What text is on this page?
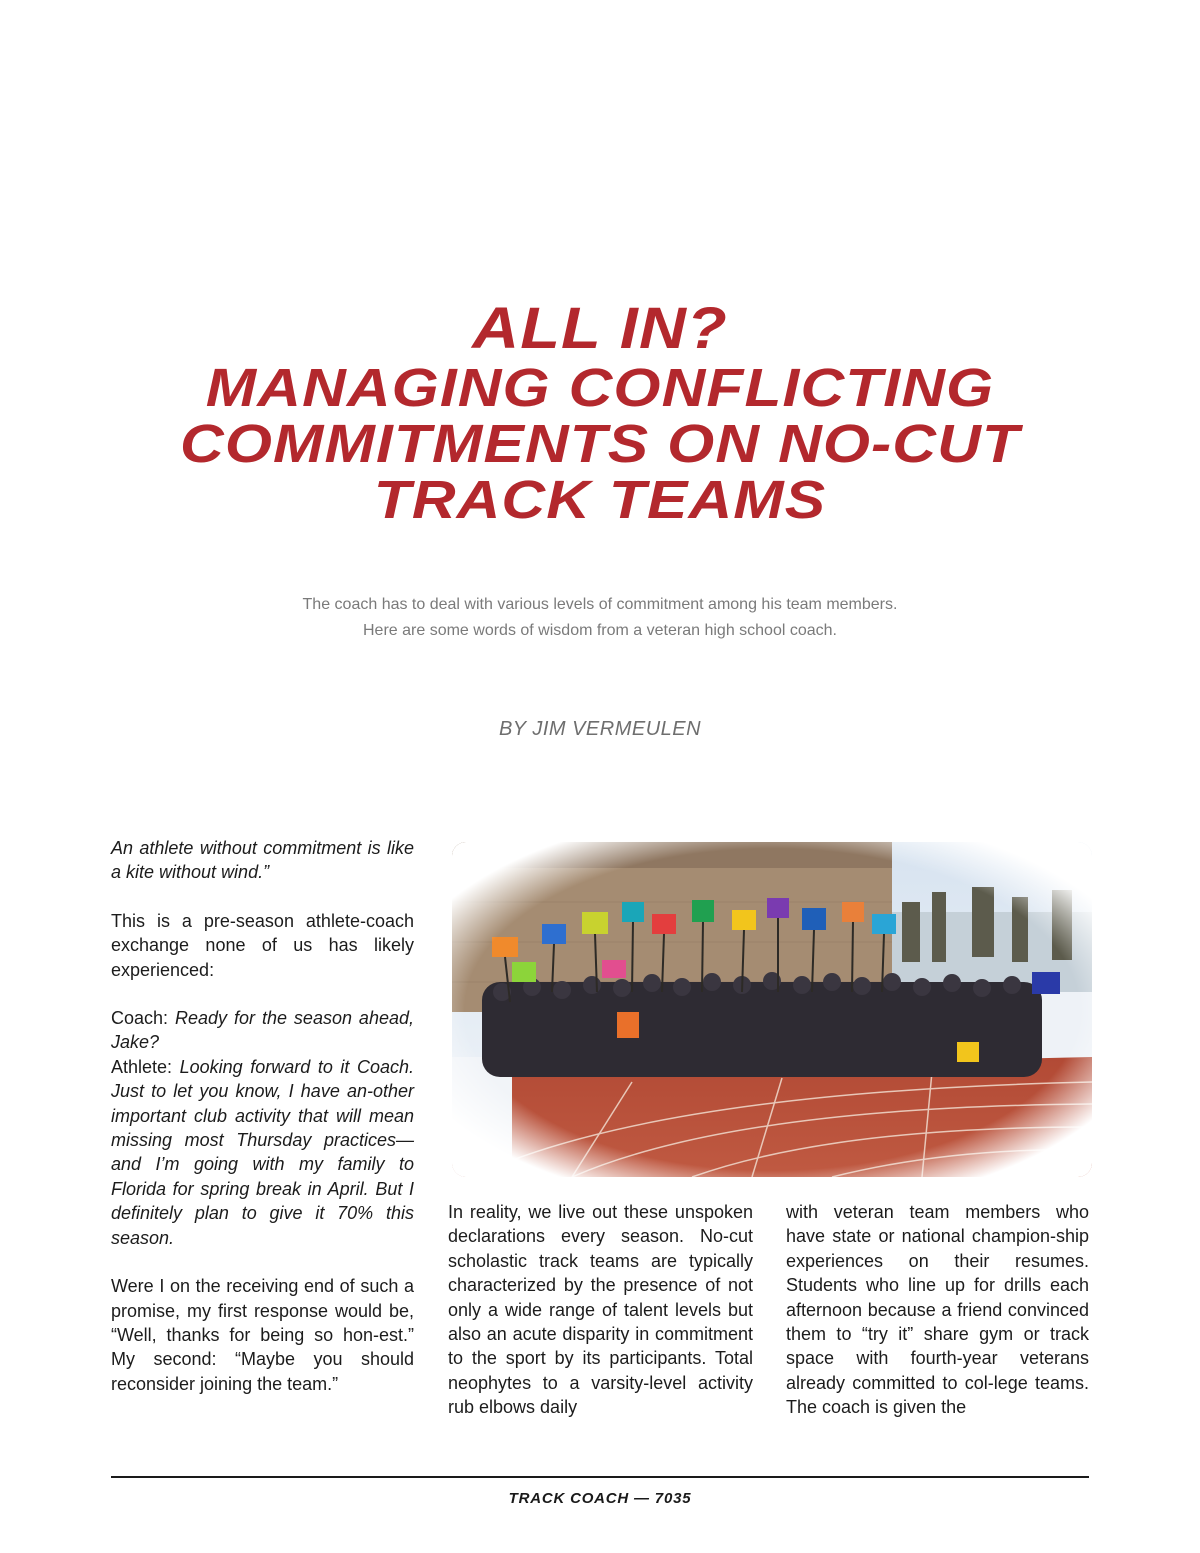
ALL IN?
MANAGING CONFLICTING
COMMITMENTS ON NO-CUT
TRACK TEAMS
The coach has to deal with various levels of commitment among his team members.
Here are some words of wisdom from a veteran high school coach.
BY JIM VERMEULEN

An athlete without commitment is like a kite without wind.”

This is a pre-season athlete-coach exchange none of us has likely experienced:

Coach: Ready for the season ahead, Jake?

Athlete: Looking forward to it Coach. Just to let you know, I have an-other important club activity that will mean missing most Thursday practices—and I’m going with my family to Florida for spring break in April. But I definitely plan to give it 70% this season.

Were I on the receiving end of such a promise, my first response would be, “Well, thanks for being so hon-est.” My second: “Maybe you should reconsider joining the team.”

In reality, we live out these unspoken declarations every season. No-cut scholastic track teams are typically characterized by the presence of not only a wide range of talent levels but also an acute disparity in commitment to the sport by its participants. Total neophytes to a varsity-level activity rub elbows daily

with veteran team members who have state or national champion-ship experiences on their resumes. Students who line up for drills each afternoon because a friend convinced them to “try it” share gym or track space with fourth-year veterans already committed to col-lege teams. The coach is given the

TRACK COACH — 7035
